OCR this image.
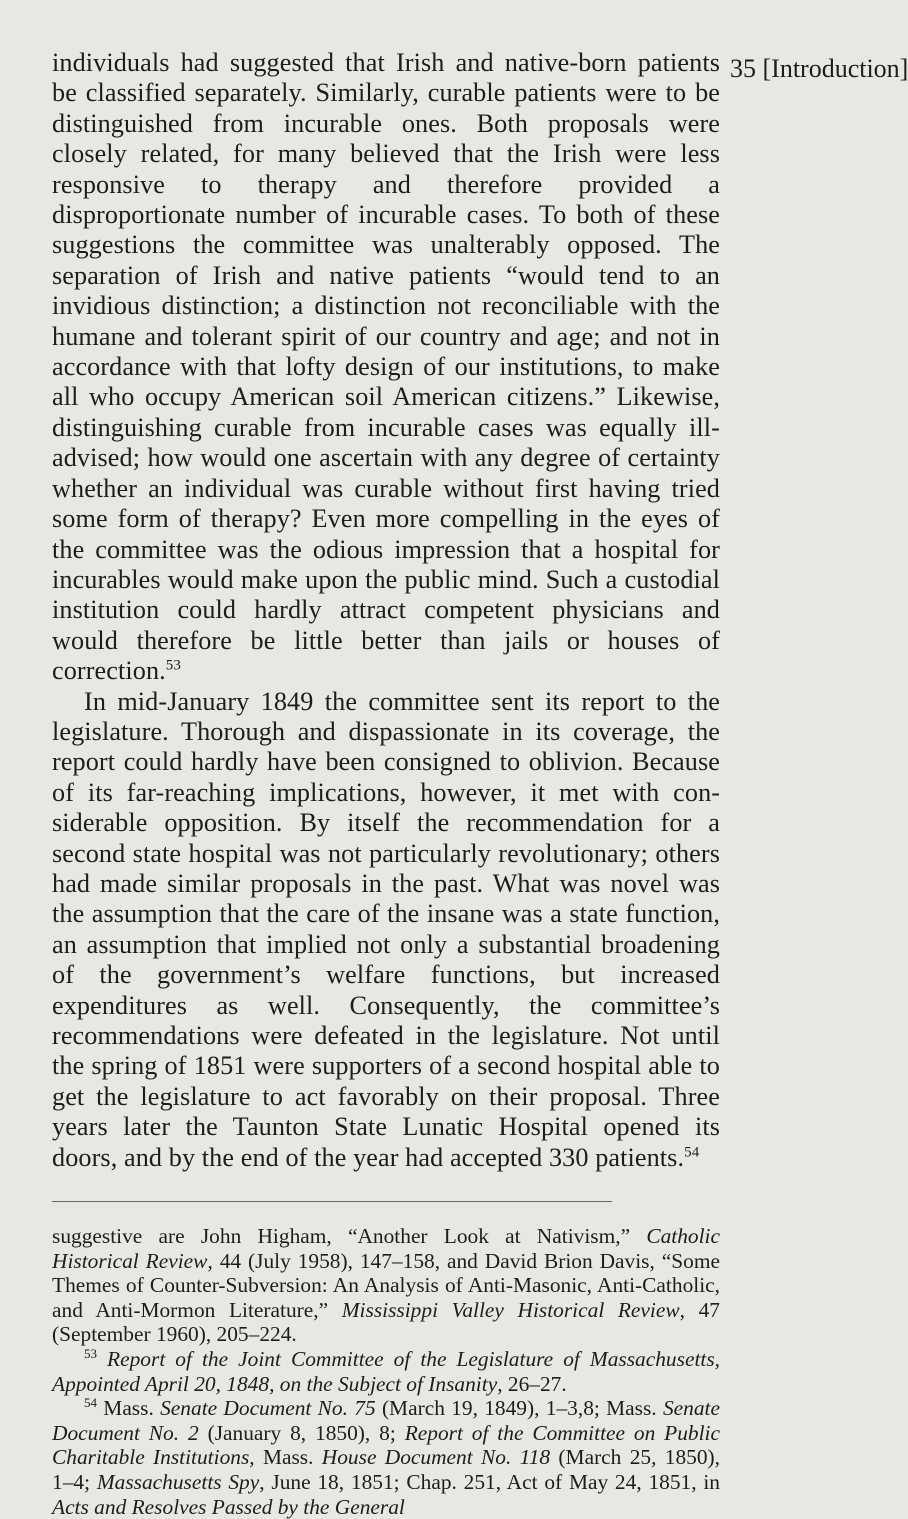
individuals had suggested that Irish and native-born patients be classified separately. Similarly, curable patients were to be distinguished from incurable ones. Both proposals were closely related, for many believed that the Irish were less responsive to therapy and therefore provided a disproportionate number of incurable cases. To both of these suggestions the committee was unalterably opposed. The separation of Irish and native patients “would tend to an invidious distinction; a distinction not reconciliable with the humane and tolerant spirit of our country and age; and not in accordance with that lofty design of our institutions, to make all who occupy American soil American citizens.” Likewise, distinguishing curable from incurable cases was equally ill-advised; how would one ascertain with any degree of certainty whether an individual was curable without first having tried some form of therapy? Even more compelling in the eyes of the committee was the odious impression that a hospital for incurables would make upon the public mind. Such a custodial institution could hardly attract competent physicians and would therefore be little better than jails or houses of correction.$^{53}$

In mid-January 1849 the committee sent its report to the legislature. Thorough and dispassionate in its coverage, the report could hardly have been consigned to oblivion. Because of its far-reaching implications, however, it met with considerable opposition. By itself the recommendation for a second state hospital was not particularly revolutionary; others had made similar proposals in the past. What was novel was the assumption that the care of the insane was a state function, an assumption that implied not only a substantial broadening of the government’s welfare functions, but increased expenditures as well. Consequently, the committee’s recommendations were defeated in the legislature. Not until the spring of 1851 were supporters of a second hospital able to get the legislature to act favorably on their proposal. Three years later the Taunton State Lunatic Hospital opened its doors, and by the end of the year had accepted 330 patients.$^{54}$

suggestive are John Higham, “Another Look at Nativism,” Catholic Historical Review, 44 (July 1958), 147–158, and David Brion Davis, “Some Themes of Counter-Subversion: An Analysis of Anti-Masonic, Anti-Catholic, and Anti-Mormon Literature,” Mississippi Valley Historical Review, 47 (September 1960), 205–224.

$^{53}$ Report of the Joint Committee of the Legislature of Massachusetts, Appointed April 20, 1848, on the Subject of Insanity, 26–27.

$^{54}$ Mass. Senate Document No. 75 (March 19, 1849), 1–3,8; Mass. Senate Document No. 2 (January 8, 1850), 8; Report of the Committee on Public Charitable Institutions, Mass. House Document No. 118 (March 25, 1850), 1–4; Massachusetts Spy, June 18, 1851; Chap. 251, Act of May 24, 1851, in Acts and Resolves Passed by the General

35 [Introduction]
